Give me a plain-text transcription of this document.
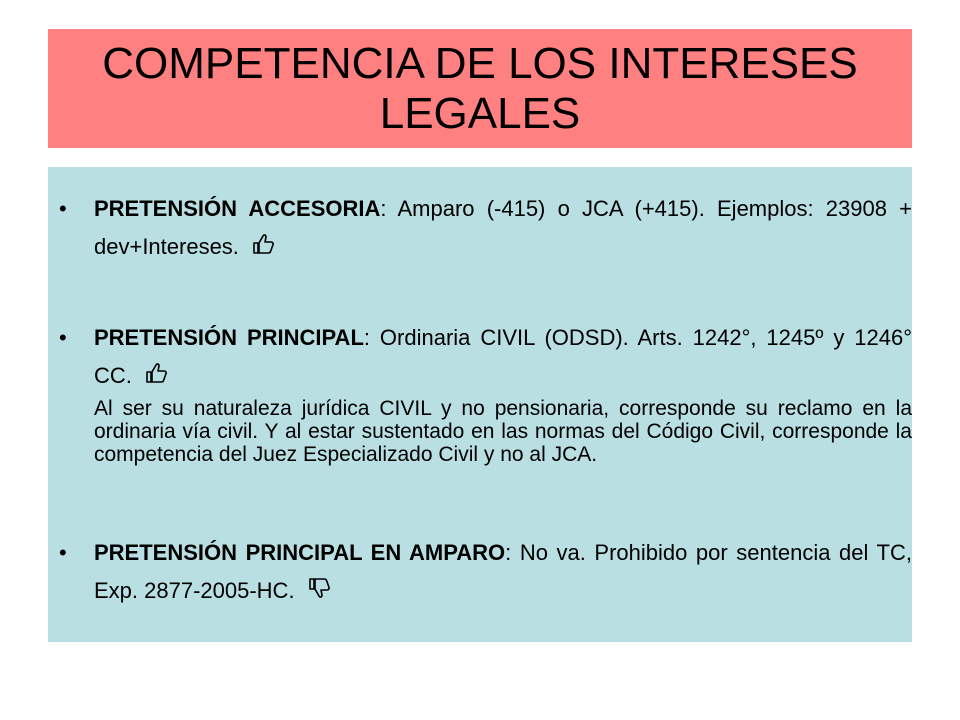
COMPETENCIA DE LOS INTERESES LEGALES
• PRETENSIÓN ACCESORIA: Amparo (-415) o JCA (+415). Ejemplos: 23908 + dev+Intereses.
• PRETENSIÓN PRINCIPAL: Ordinaria CIVIL (ODSD). Arts. 1242°, 1245º y 1246° CC.
Al ser su naturaleza jurídica CIVIL y no pensionaria, corresponde su reclamo en la ordinaria vía civil. Y al estar sustentado en las normas del Código Civil, corresponde la competencia del Juez Especializado Civil y no al JCA.
• PRETENSIÓN PRINCIPAL EN AMPARO: No va. Prohibido por sentencia del TC, Exp. 2877-2005-HC.
